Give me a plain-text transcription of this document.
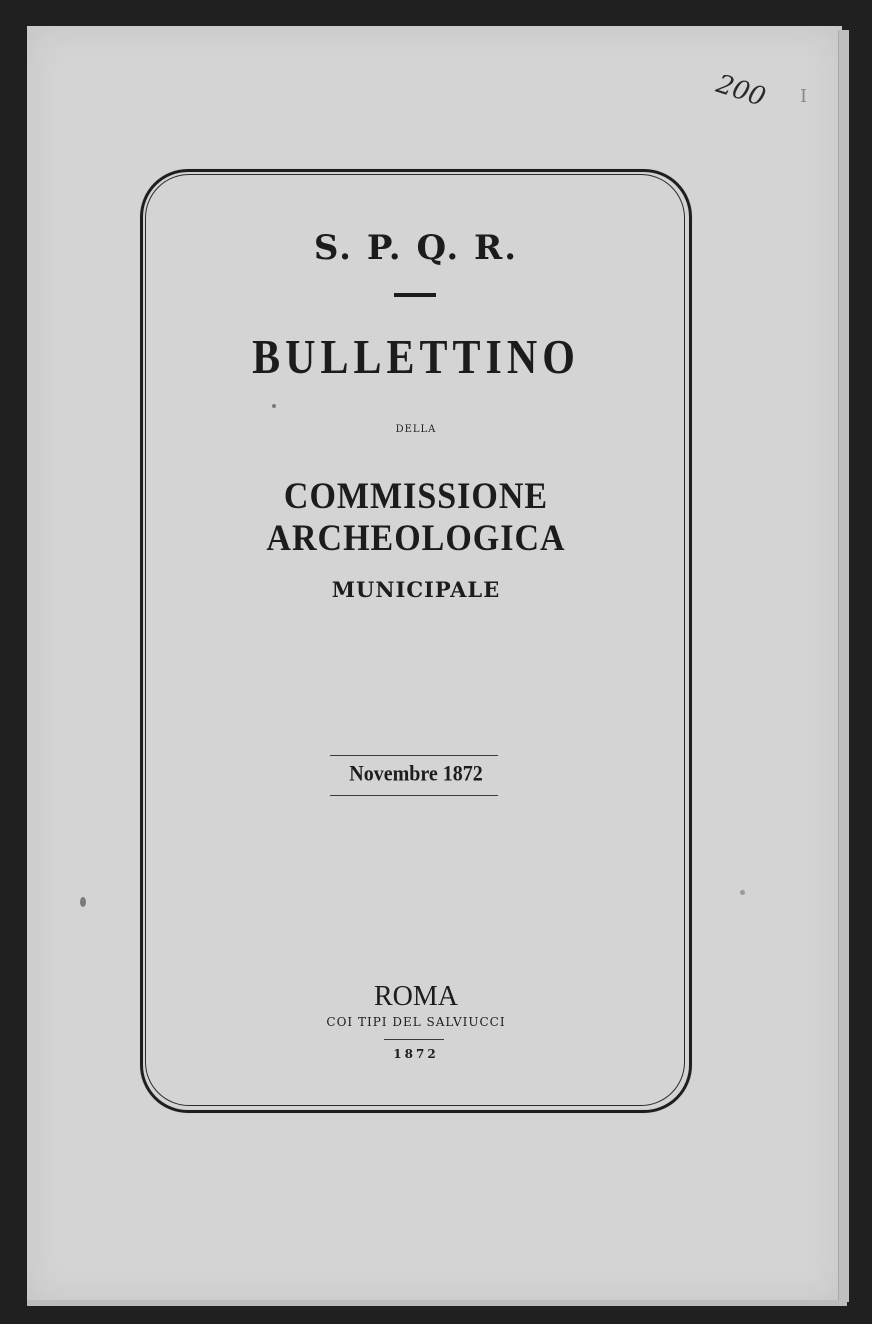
200 I
S. P. Q. R.
BULLETTINO
DELLA
COMMISSIONE ARCHEOLOGICA
MUNICIPALE
Novembre 1872
ROMA
COI TIPI DEL SALVIUCCI
1872
